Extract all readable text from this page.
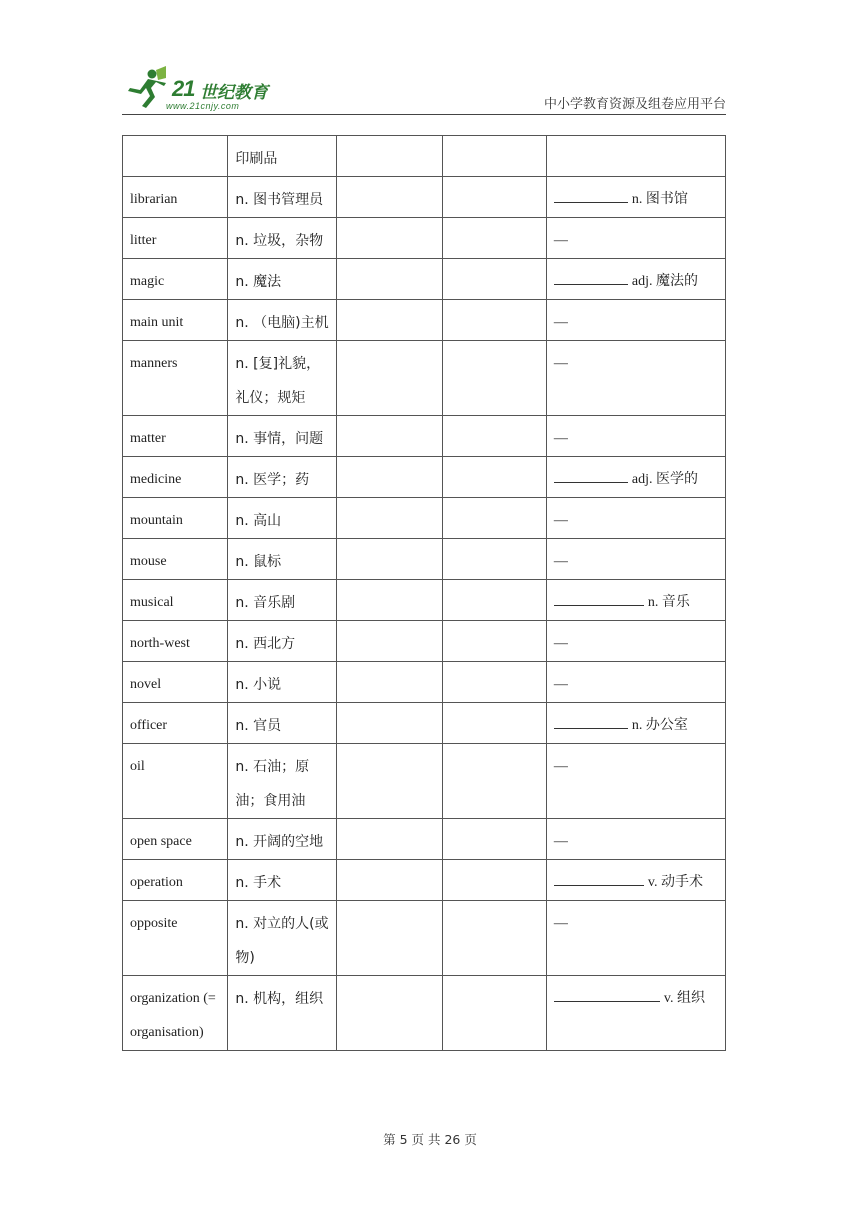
21 世纪教育
www.21cnjy.com	中小学教育资源及组卷应用平台
	印刷品			
librarian	n. 图书管理员			n. 图书馆
litter	n. 垃圾，杂物			—
magic	n. 魔法			adj. 魔法的
main unit	n. （电脑)主机			—
manners	n. [复]礼貌，礼仪；规矩			—
matter	n. 事情，问题			—
medicine	n. 医学；药			adj. 医学的
mountain	n. 高山			—
mouse	n. 鼠标			—
musical	n. 音乐剧			n. 音乐
north-west	n. 西北方			—
novel	n. 小说			—
officer	n. 官员			n. 办公室
oil	n. 石油；原油；食用油			—
open space	n. 开阔的空地			—
operation	n. 手术			v. 动手术
opposite	n. 对立的人(或物)			—
organization (= organisation)	n. 机构，组织			v. 组织
第 5 页 共 26 页
